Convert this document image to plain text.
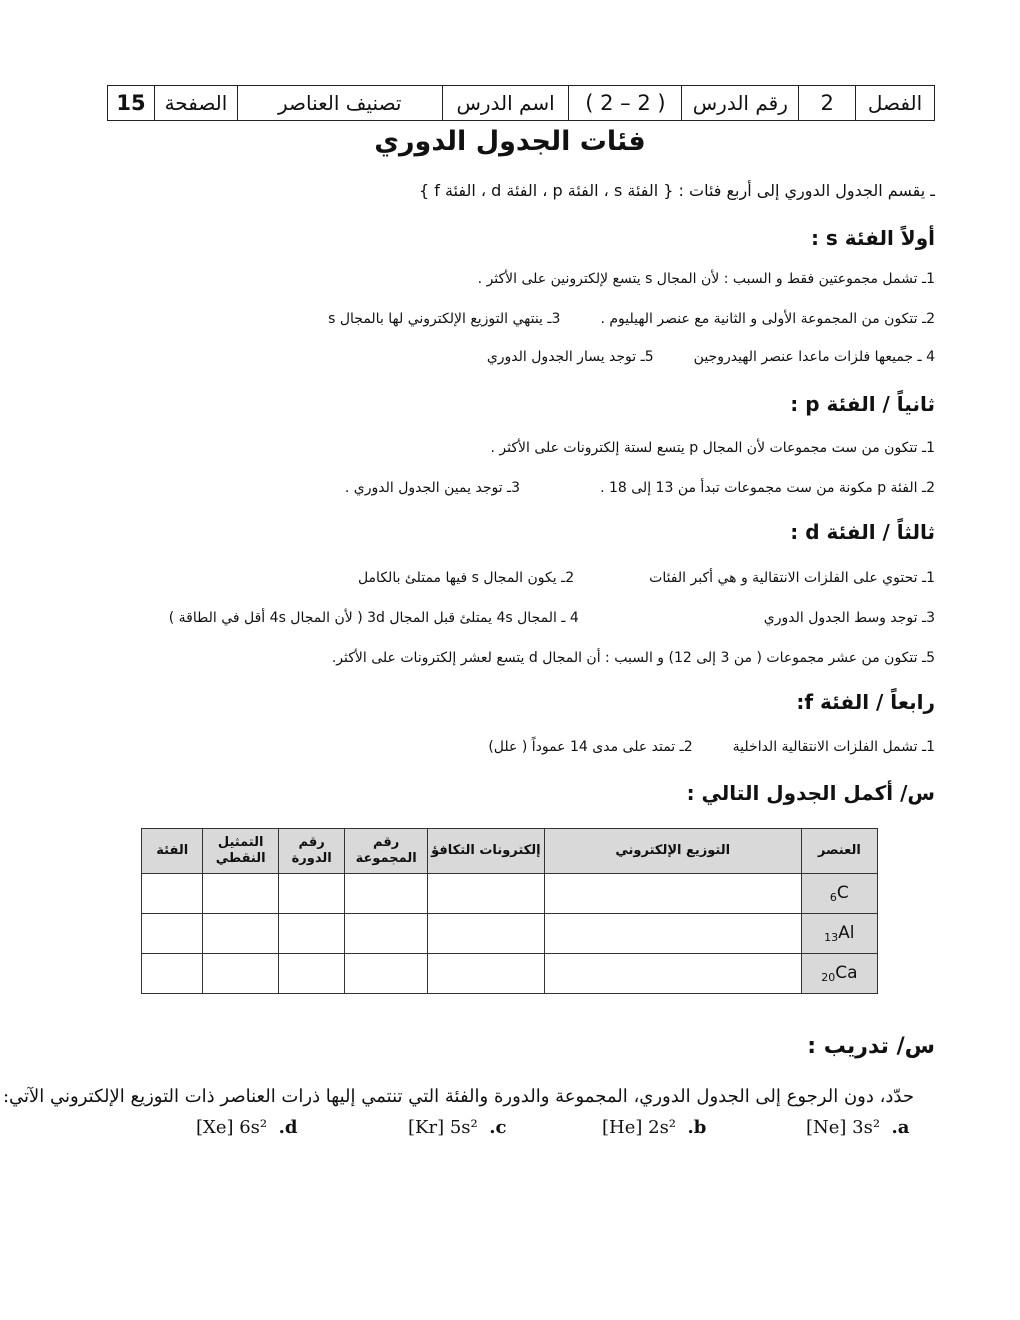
الفصل	2	رقم الدرس	( 2 – 2 )	اسم الدرس	تصنيف العناصر	الصفحة	15
فئات الجدول الدوري
ـ يقسم الجدول الدوري إلى أربع فئات : { الفئة s ، الفئة p ، الفئة d ، الفئة f }
أولاً الفئة s :
1ـ تشمل مجموعتين فقط و السبب : لأن المجال s يتسع لإلكترونين على الأكثر .
2ـ تتكون من المجموعة الأولى و الثانية مع عنصر الهيليوم .3ـ ينتهي التوزيع الإلكتروني لها بالمجال s
4 ـ جميعها فلزات ماعدا عنصر الهيدروجين5ـ توجد يسار الجدول الدوري
ثانياً / الفئة p :
1ـ تتكون من ست مجموعات لأن المجال p يتسع لستة إلكترونات على الأكثر .
2ـ الفئة p مكونة من ست مجموعات تبدأ من 13 إلى 18 .3ـ توجد يمين الجدول الدوري .
ثالثاً / الفئة d :
1ـ تحتوي على الفلزات الانتقالية و هي أكبر الفئات2ـ يكون المجال s فيها ممتلئ بالكامل
3ـ توجد وسط الجدول الدوري4 ـ المجال 4s يمتلئ قبل المجال 3d ( لأن المجال 4s أقل في الطاقة )
5ـ تتكون من عشر مجموعات ( من 3 إلى 12) و السبب : أن المجال d يتسع لعشر إلكترونات على الأكثر.
رابعاً / الفئة f:
1ـ تشمل الفلزات الانتقالية الداخلية2ـ تمتد على مدى 14 عموداً ( علل)
س/ أكمل الجدول التالي :
العنصر	التوزيع الإلكتروني	إلكترونات التكافؤ	رقم المجموعة	رقم الدورة	التمثيل النقطي	الفئة
$_6$C						
$_{13}$Al						
$_{20}$Ca						
س/ تدريب :
حدّد، دون الرجوع إلى الجدول الدوري، المجموعة والدورة والفئة التي تنتمي إليها ذرات العناصر ذات التوزيع الإلكتروني الآتي:
[Ne] 3s² .a
[He] 2s² .b
[Kr] 5s² .c
[Xe] 6s² .d
